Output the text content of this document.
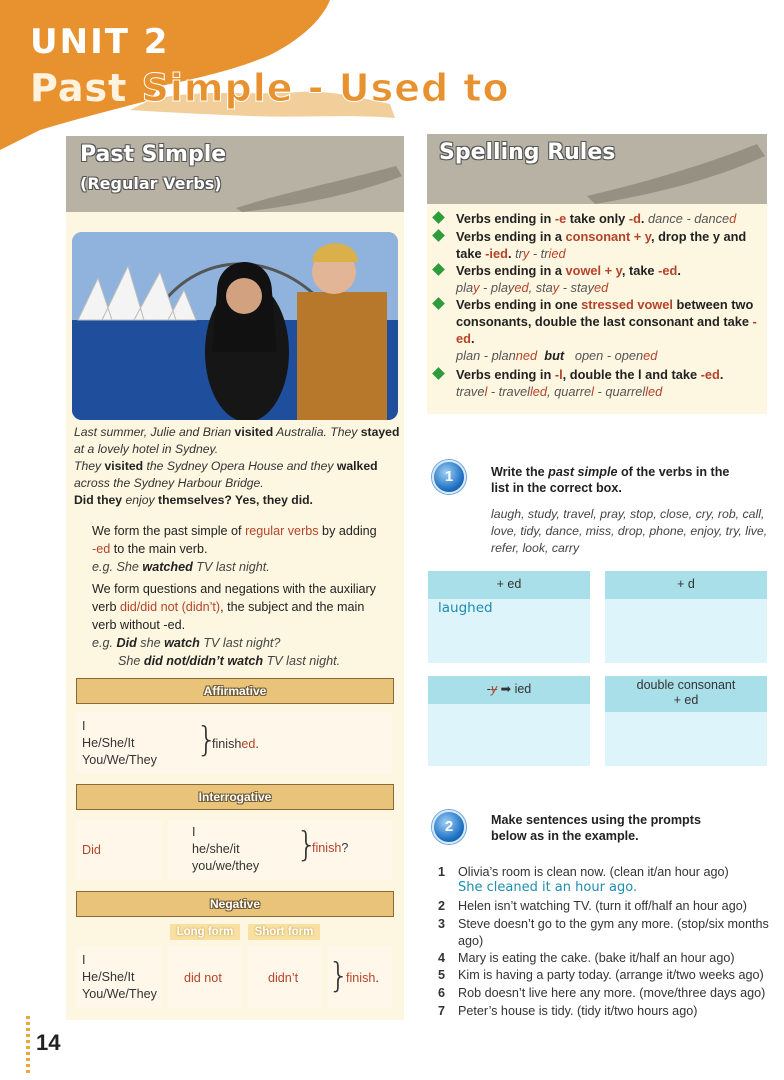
UNIT 2
Past Simple - Used to
Past Simple
(Regular Verbs)
Last summer, Julie and Brian visited Australia. They stayed
at a lovely hotel in Sydney.
They visited the Sydney Opera House and they walked
across the Sydney Harbour Bridge.
Did they enjoy themselves? Yes, they did.
We form the past simple of regular verbs by adding
-ed to the main verb.
e.g. She watched TV last night.
We form questions and negations with the auxiliary
verb did/did not (didn’t), the subject and the main
verb without -ed.
e.g. Did she watch TV last night?
She did not/didn’t watch TV last night.
Affirmative
I
He/She/It
You/We/They }
finished.
Interrogative
Did
I
he/she/it
you/we/they
}
finish?
Negative
Long form	Short form
I
He/She/It
You/We/They
did not	didn’t }
finish.
Spelling Rules
Verbs ending in -e take only -d. dance - danced
Verbs ending in a consonant + y, drop the y and take -ied. try - tried
Verbs ending in a vowel + y, take -ed.
play - played, stay - stayed
Verbs ending in one stressed vowel between two consonants, double the last consonant and take -ed.
plan - planned but   open - opened
Verbs ending in -l, double the l and take -ed.
travel - travelled, quarrel - quarrelled
1	Write the past simple of the verbs in the
list in the correct box.
laugh, study, travel, pray, stop, close, cry, rob, call, love, tidy, dance, miss, drop, phone, enjoy, try, live, refer, look, carry
+ ed
laughed
+ d
-y ➡ ied	double consonant
+ ed
2	Make sentences using the prompts
below as in the example.
1 Olivia’s room is clean now. (clean it/an hour ago)
2 Helen isn’t watching TV. (turn it off/half an hour ago)
3 Steve doesn’t go to the gym any more. (stop/six months ago)
4 Mary is eating the cake. (bake it/half an hour ago)
5 Kim is having a party today. (arrange it/two weeks ago)
6 Rob doesn’t live here any more. (move/three days ago)
7 Peter’s house is tidy. (tidy it/two hours ago)
14
She cleaned it an hour ago.
